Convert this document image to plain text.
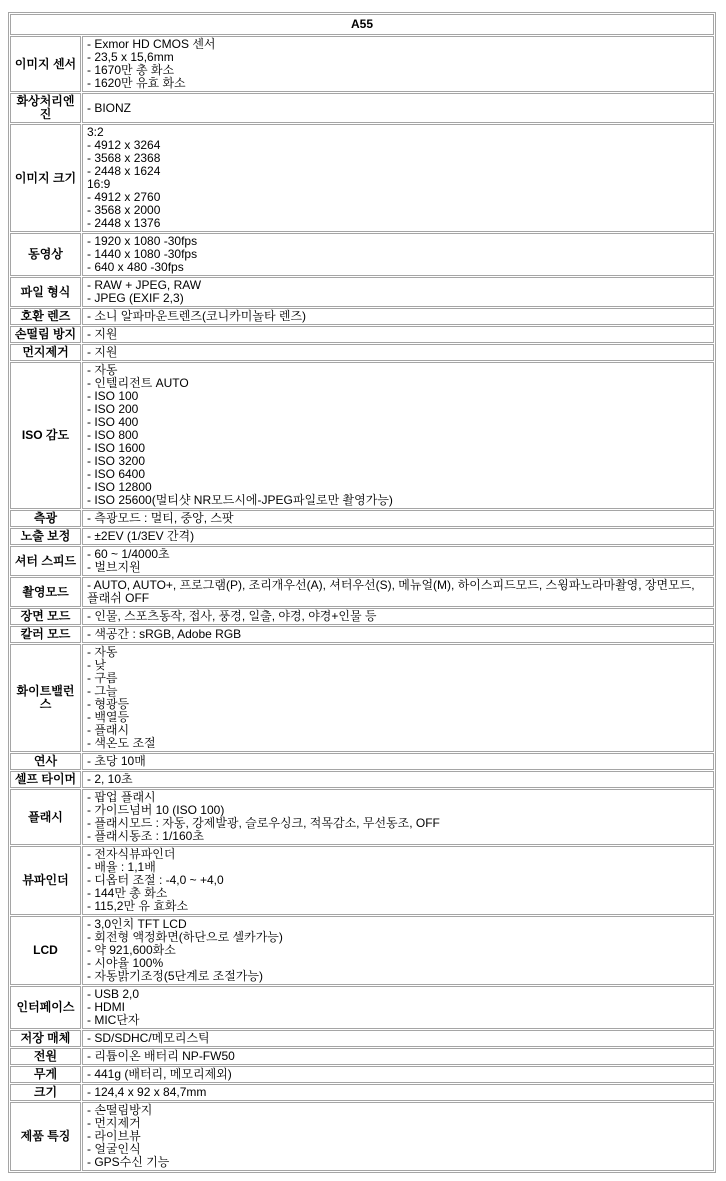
A55	
이미지 센서	- Exmor HD CMOS 센서
- 23,5 x 15,6mm
- 1670만 총 화소
- 1620만 유효 화소

화상처리엔진	- BIONZ

이미지 크기	
3:2
- 4912 x 3264
- 3568 x 2368
- 2448 x 1624
16:9
- 4912 x 2760
- 3568 x 2000
- 2448 x 1376

동영상	- 1920 x 1080 -30fps
- 1440 x 1080 -30fps
- 640 x 480 -30fps

파일 형식	- RAW + JPEG, RAW
- JPEG (EXIF 2,3)

호환 렌즈	- 소니 알파마운트렌즈(코니카미놀타 렌즈)

손떨림 방지	- 지원

먼지제거	- 지원

ISO 감도	
- 자동
- 인텔리전트 AUTO
- ISO 100
- ISO 200
- ISO 400
- ISO 800
- ISO 1600
- ISO 3200
- ISO 6400
- ISO 12800
- ISO 25600(멀티샷 NR모드시에-JPEG파일로만 촬영가능)

측광	- 측광모드 : 멀티, 중앙, 스팟

노출 보정	- ±2EV (1/3EV 간격)

셔터 스피드	- 60 ~ 1/4000초
- 벌브지원

촬영모드	- AUTO, AUTO+, 프로그램(P), 조리개우선(A), 셔터우선(S), 메뉴얼(M), 하이스피드모드, 스윙파노라마촬영, 장면모드, 플래쉬 OFF

장면 모드	- 인물, 스포츠동작, 접사, 풍경, 일출, 야경, 야경+인물 등

칼러 모드	- 색공간 : sRGB, Adobe RGB

화이트밸런스	
- 자동
- 낮
- 구름
- 그늘
- 형광등
- 백열등
- 플래시
- 색온도 조절

연사	- 초당 10매

셀프 타이머	- 2, 10초

플래시	- 팝업 플래시
- 가이드넘버 10 (ISO 100)
- 플래시모드 : 자동, 강제발광, 슬로우싱크, 적목감소, 무선동조, OFF
- 플래시동조 : 1/160초

뷰파인더	- 전자식뷰파인더
- 배율 : 1,1배
- 디옵터 조절 : -4,0 ~ +4,0
- 144만 총 화소
- 115,2만 유 효화소

LCD	- 3,0인치 TFT LCD
- 회전형 액정화면(하단으로 셀카가능)
- 약 921,600화소
- 시야율 100%
- 자동밝기조정(5단계로 조절가능)

인터페이스	- USB 2,0
- HDMI
- MIC단자

저장 매체	- SD/SDHC/메모리스틱

전원	- 리튬이온 배터리 NP-FW50

무게	- 441g (배터리, 메모리제외)

크기	- 124,4 x 92 x 84,7mm

제품 특징	- 손떨림방지
- 먼지제거
- 라이브뷰
- 얼굴인식
- GPS수신 기능
